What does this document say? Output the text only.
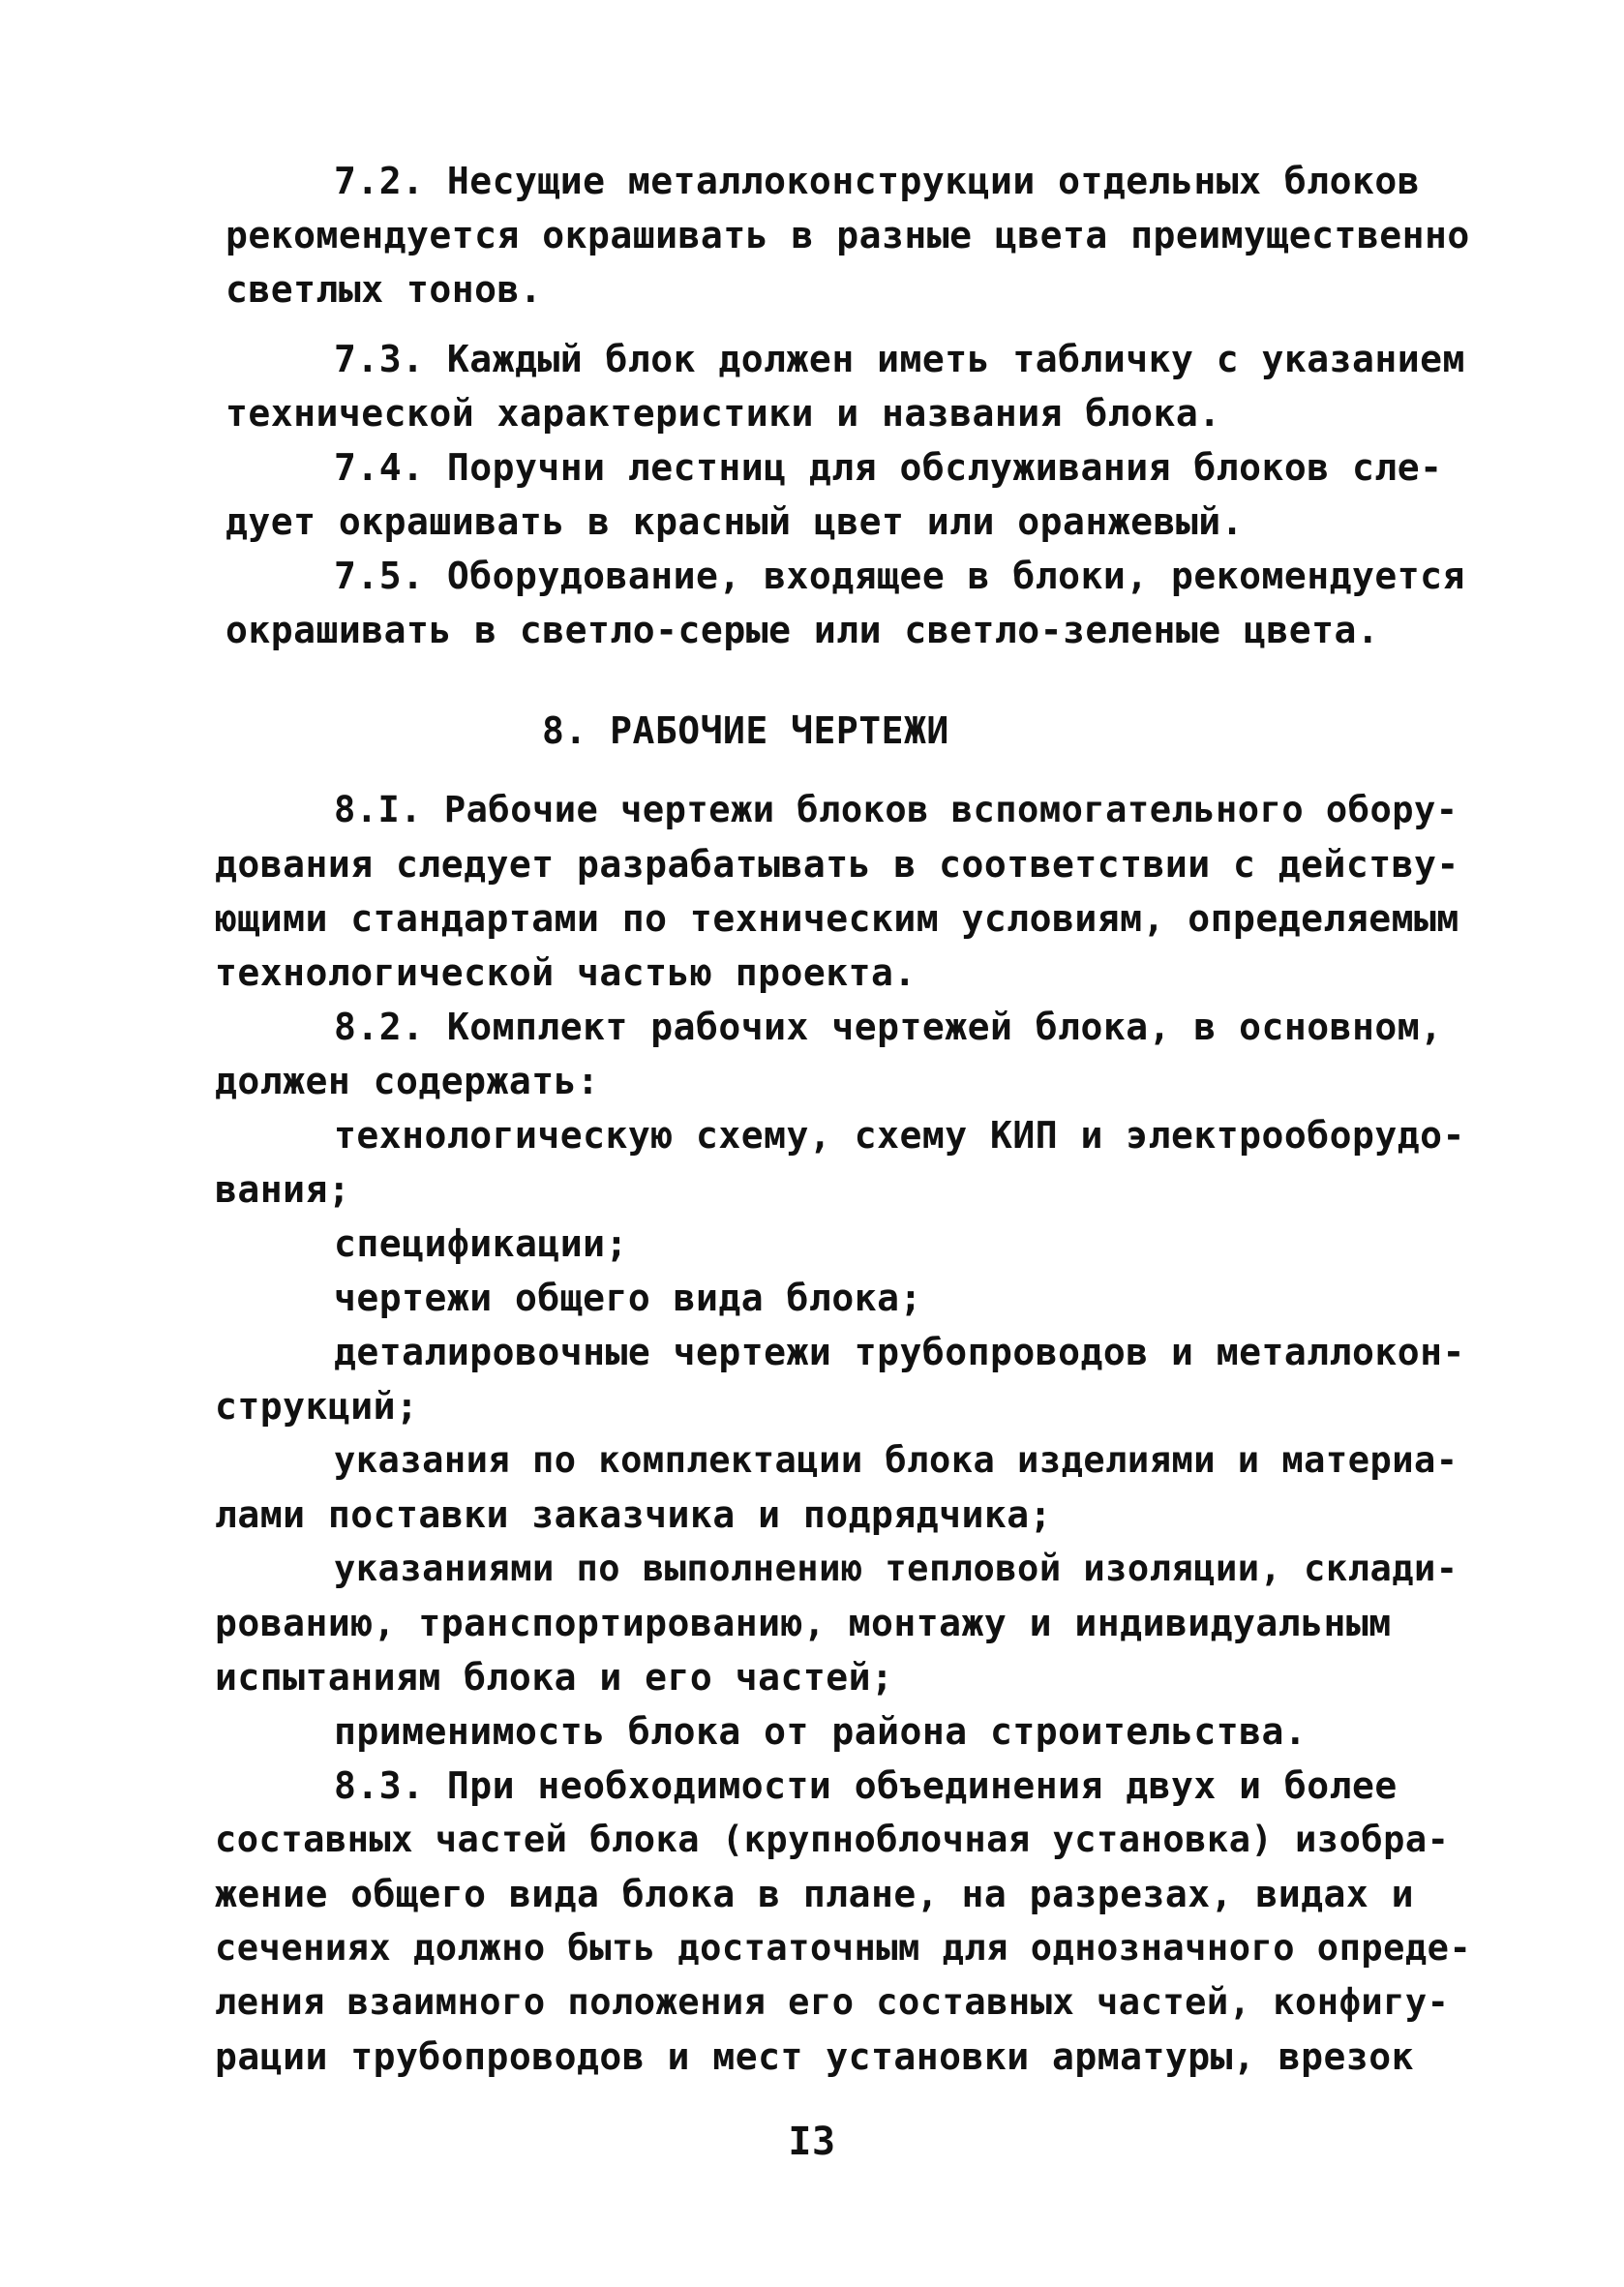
7.2. Несущие металлоконструкции отдельных блоков
рекомендуется окрашивать в разные цвета преимущественно
светлых тонов.
7.3. Каждый блок должен иметь табличку с указанием
технической характеристики и названия блока.
7.4. Поручни лестниц для обслуживания блоков сле-
дует окрашивать в красный цвет или оранжевый.
7.5. Оборудование, входящее в блоки, рекомендуется
окрашивать в светло-серые или светло-зеленые цвета.
8. РАБОЧИЕ ЧЕРТЕЖИ
8.I. Рабочие чертежи блоков вспомогательного обору-
дования следует разрабатывать в соответствии с действу-
ющими стандартами по техническим условиям, определяемым
технологической частью проекта.
8.2. Комплект рабочих чертежей блока, в основном,
должен содержать:
технологическую схему, схему КИП и электрооборудо-
вания;
спецификации;
чертежи общего вида блока;
деталировочные чертежи трубопроводов и металлокон-
струкций;
указания по комплектации блока изделиями и материа-
лами поставки заказчика и подрядчика;
указаниями по выполнению тепловой изоляции, склади-
рованию, транспортированию, монтажу и индивидуальным
испытаниям блока и его частей;
применимость блока от района строительства.
8.3. При необходимости объединения двух и более
составных частей блока (крупноблочная установка) изобра-
жение общего вида блока в плане, на разрезах, видах и
сечениях должно быть достаточным для однозначного опреде-
ления взаимного положения его составных частей, конфигу-
рации трубопроводов и мест установки арматуры, врезок
I3
